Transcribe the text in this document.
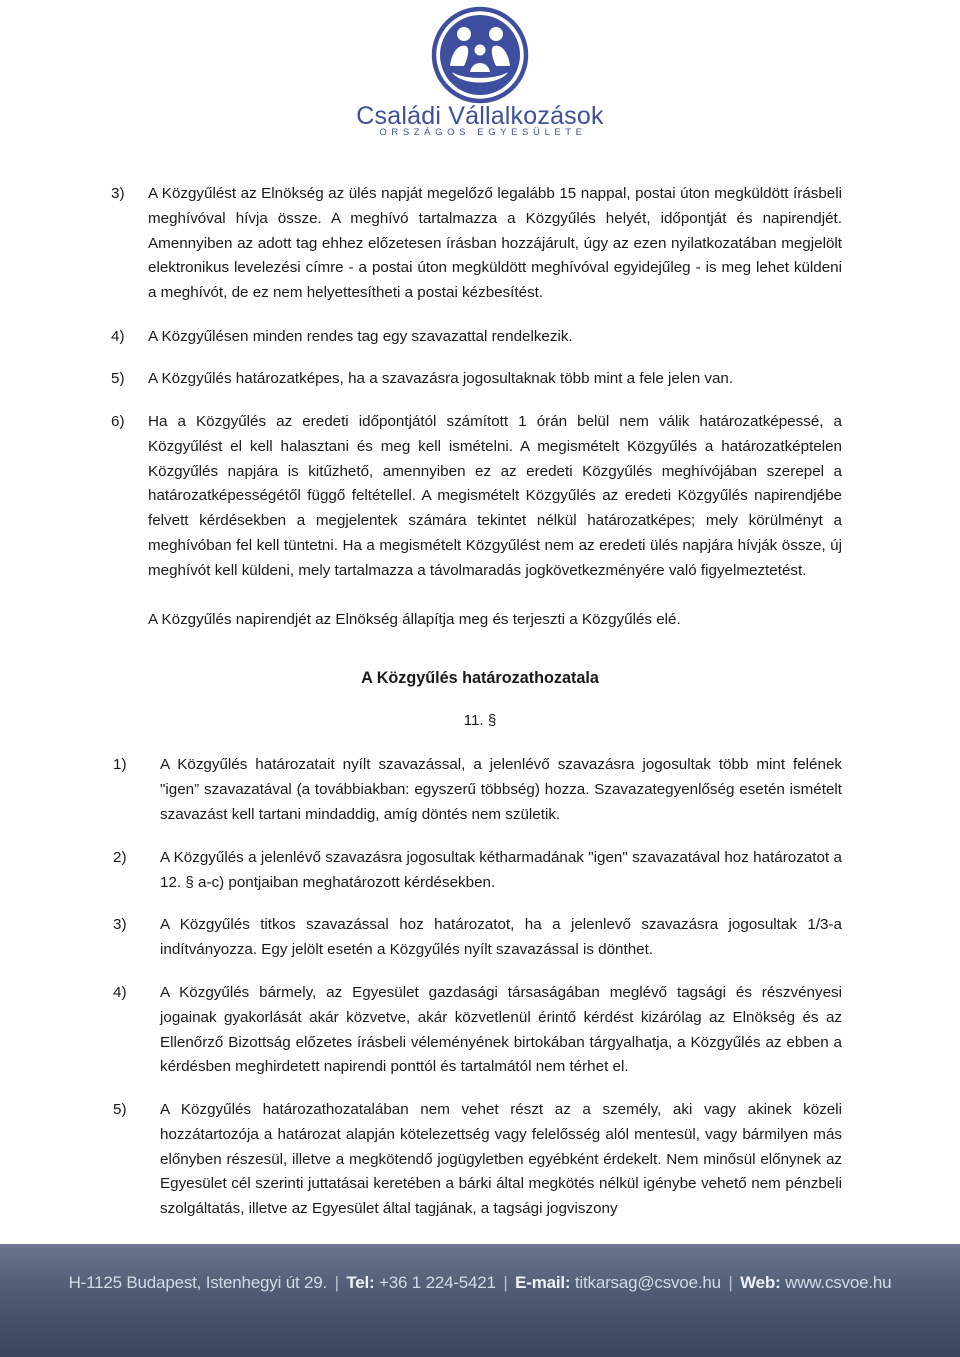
Családi Vállalkozások
ORSZÁGOS EGYESÜLETE
3) A Közgyűlést az Elnökség az ülés napját megelőző legalább 15 nappal, postai úton megküldött írásbeli meghívóval hívja össze. A meghívó tartalmazza a Közgyűlés helyét, időpontját és napirendjét. Amennyiben az adott tag ehhez előzetesen írásban hozzájárult, úgy az ezen nyilatkozatában megjelölt elektronikus levelezési címre - a postai úton megküldött meghívóval egyidejűleg - is meg lehet küldeni a meghívót, de ez nem helyettesítheti a postai kézbesítést.
4) A Közgyűlésen minden rendes tag egy szavazattal rendelkezik.
5) A Közgyűlés határozatképes, ha a szavazásra jogosultaknak több mint a fele jelen van.
6) Ha a Közgyűlés az eredeti időpontjától számított 1 órán belül nem válik határozatképessé, a Közgyűlést el kell halasztani és meg kell ismételni. A megismételt Közgyűlés a határozatképtelen Közgyűlés napjára is kitűzhető, amennyiben ez az eredeti Közgyűlés meghívójában szerepel a határozatképességétől függő feltétellel. A megismételt Közgyűlés az eredeti Közgyűlés napirendjébe felvett kérdésekben a megjelentek számára tekintet nélkül határozatképes; mely körülményt a meghívóban fel kell tüntetni. Ha a megismételt Közgyűlést nem az eredeti ülés napjára hívják össze, új meghívót kell küldeni, mely tartalmazza a távolmaradás jogkövetkezményére való figyelmeztetést.
A Közgyűlés napirendjét az Elnökség állapítja meg és terjeszti a Közgyűlés elé.
A Közgyűlés határozathozatala
11. §
1) A Közgyűlés határozatait nyílt szavazással, a jelenlévő szavazásra jogosultak több mint felének "igen” szavazatával (a továbbiakban: egyszerű többség) hozza. Szavazategyenlőség esetén ismételt szavazást kell tartani mindaddig, amíg döntés nem születik.
2) A Közgyűlés a jelenlévő szavazásra jogosultak kétharmadának "igen" szavazatával hoz határozatot a 12. § a-c) pontjaiban meghatározott kérdésekben.
3) A Közgyűlés titkos szavazással hoz határozatot, ha a jelenlevő szavazásra jogosultak 1/3-a indítványozza. Egy jelölt esetén a Közgyűlés nyílt szavazással is dönthet.
4) A Közgyűlés bármely, az Egyesület gazdasági társaságában meglévő tagsági és részvényesi jogainak gyakorlását akár közvetve, akár közvetlenül érintő kérdést kizárólag az Elnökség és az Ellenőrző Bizottság előzetes írásbeli véleményének birtokában tárgyalhatja, a Közgyűlés az ebben a kérdésben meghirdetett napirendi ponttól és tartalmától nem térhet el.
5) A Közgyűlés határozathozatalában nem vehet részt az a személy, aki vagy akinek közeli hozzátartozója a határozat alapján kötelezettség vagy felelősség alól mentesül, vagy bármilyen más előnyben részesül, illetve a megkötendő jogügyletben egyébként érdekelt. Nem minősül előnynek az Egyesület cél szerinti juttatásai keretében a bárki által megkötés nélkül igénybe vehető nem pénzbeli szolgáltatás, illetve az Egyesület által tagjának, a tagsági jogviszony
H-1125 Budapest, Istenhegyi út 29. | Tel: +36 1 224-5421 | E-mail: titkarsag@csvoe.hu | Web: www.csvoe.hu
